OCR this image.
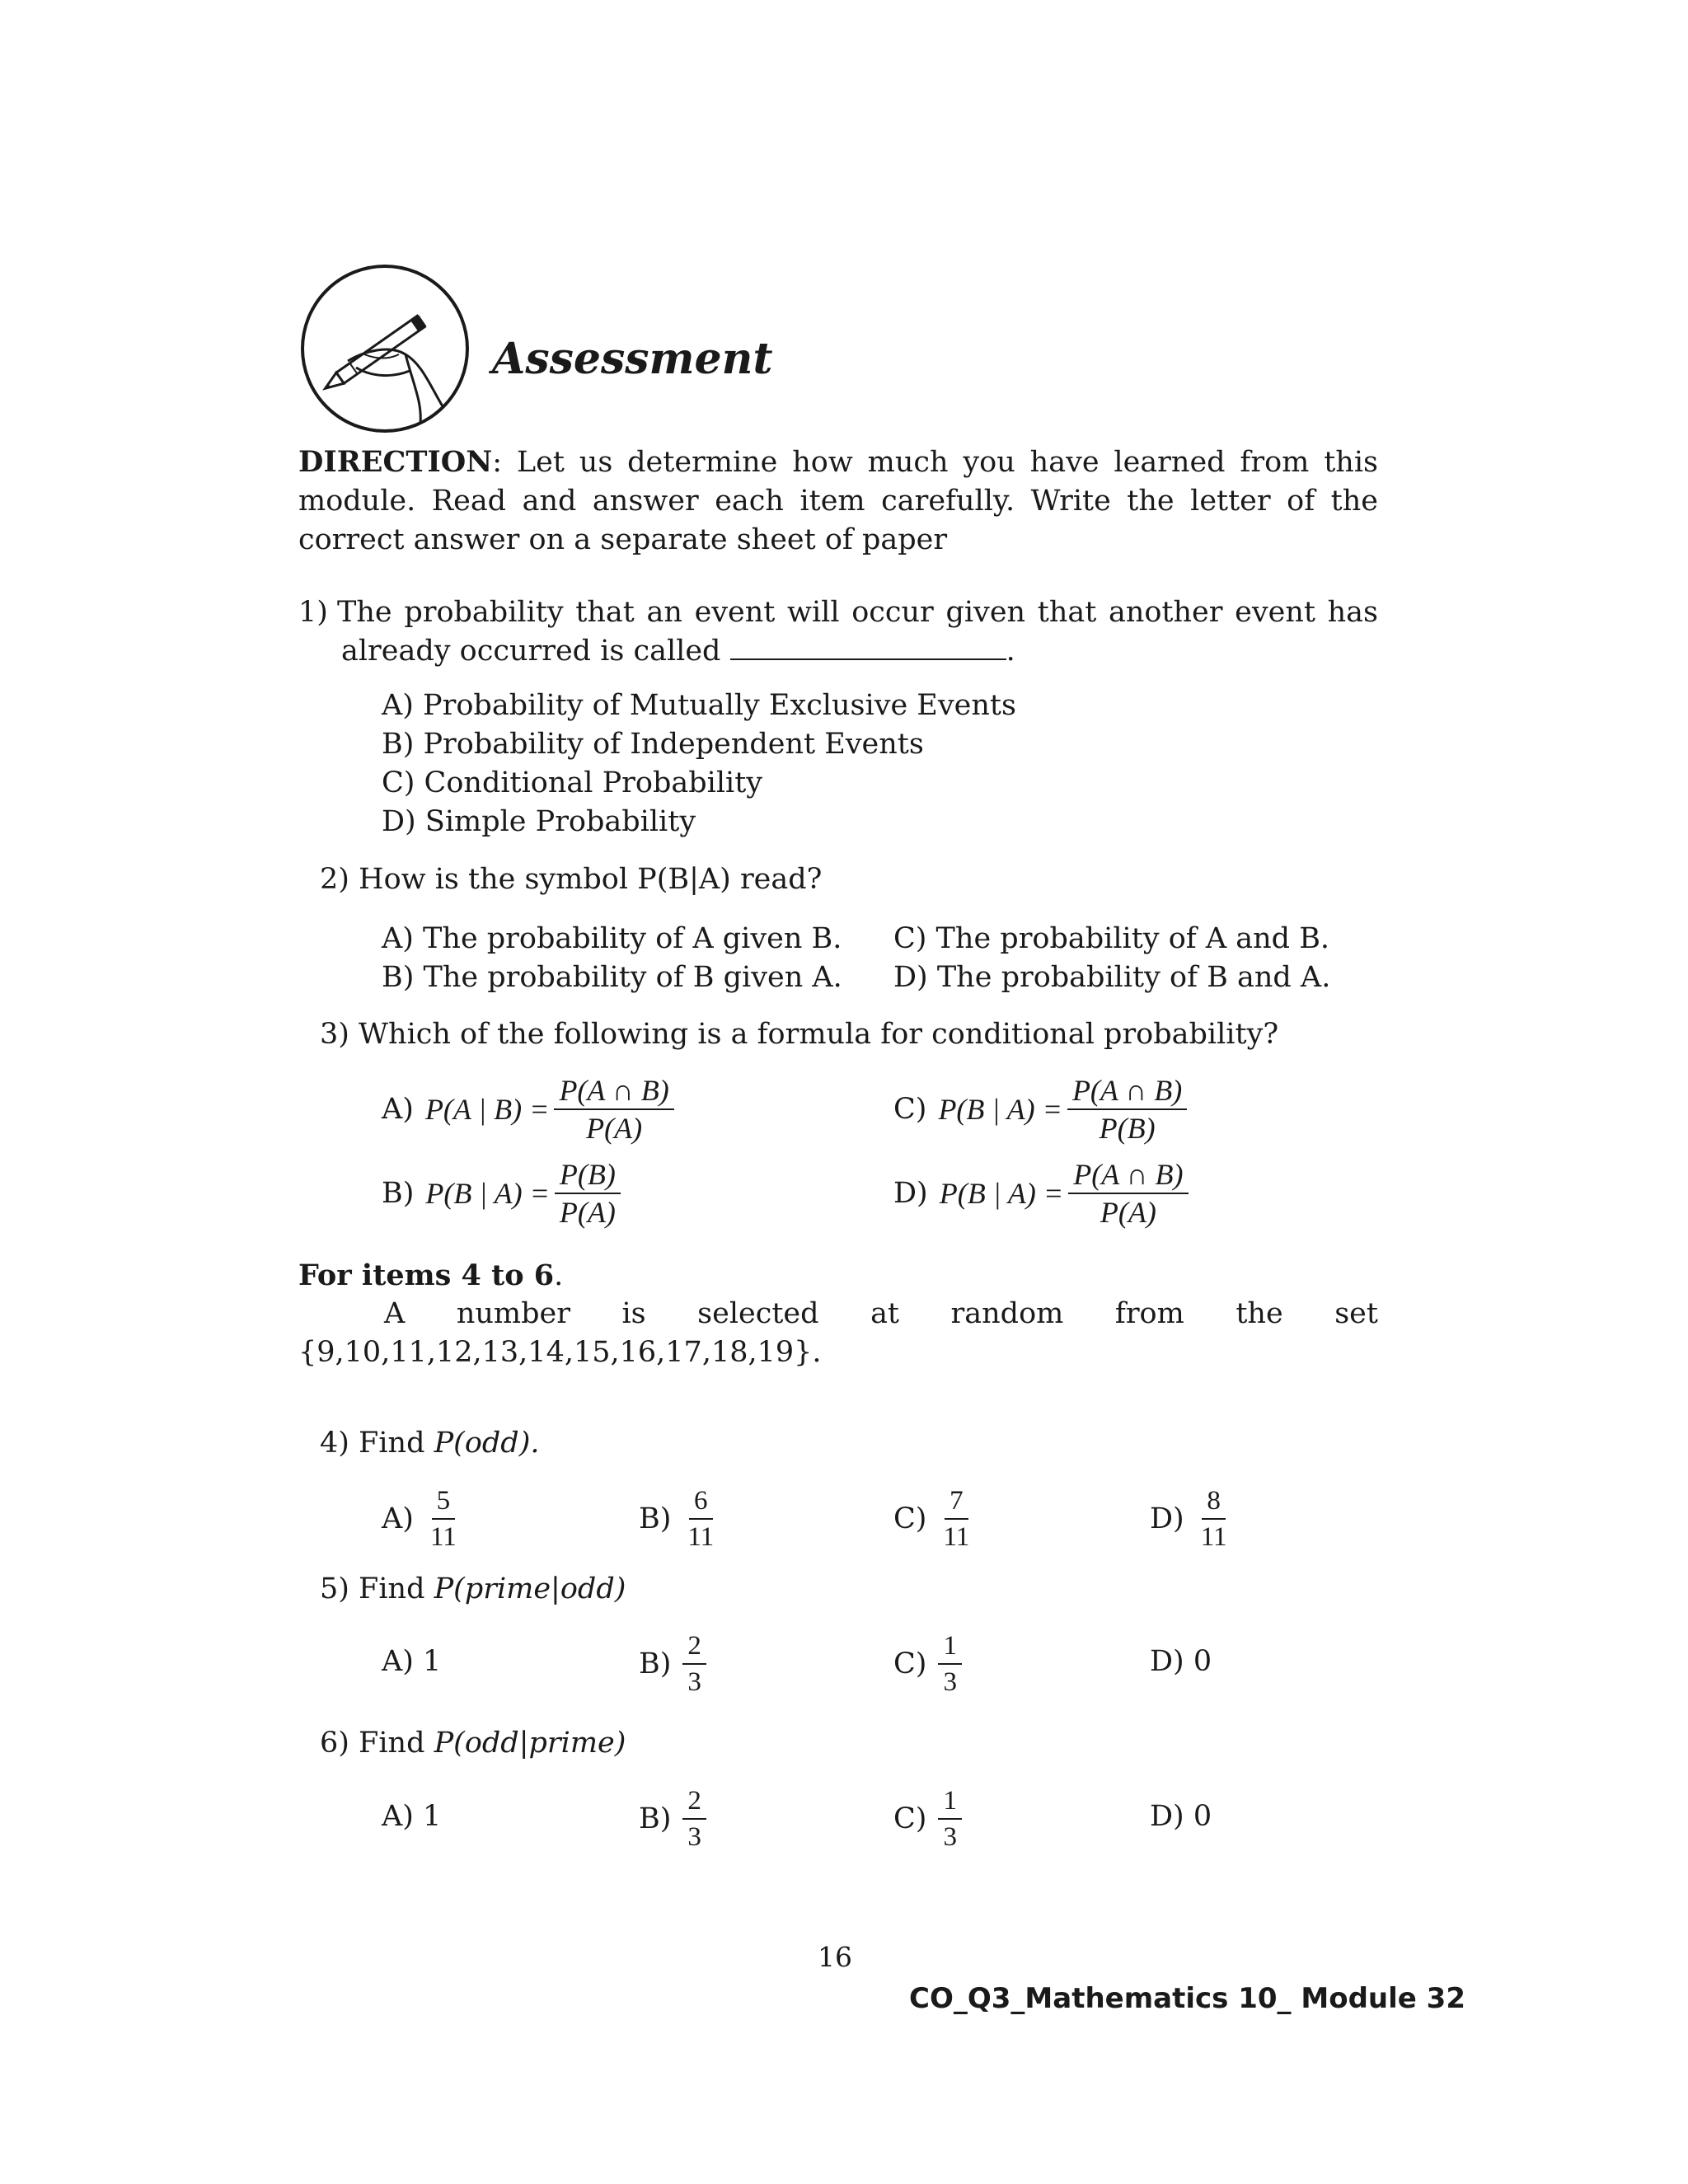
Assessment
DIRECTION: Let us determine how much you have learned from this module. Read and answer each item carefully. Write the letter of the correct answer on a separate sheet of paper
1) The probability that an event will occur given that another event has
already occurred is called	.
A) Probability of Mutually Exclusive Events
B) Probability of Independent Events
C) Conditional Probability
D) Simple Probability
2) How is the symbol P(B|A) read?
A) The probability of A given B.
B) The probability of B given A.
C) The probability of A and B.
D) The probability of B and A.
3) Which of the following is a formula for conditional probability?
A) P(A | $B) = \frac{P(A \cap B)}{P(A)}$
B) P(B | $A) = \frac{P(B)}{P(A)}$
C) P(B | $A) = \frac{P(A \cap B)}{P(B)}$
D) P(B | $A) = \frac{P(A \cap B)}{P(A)}$
For items 4 to 6.
A number is selected at random from the set
{9,10,11,12,13,14,15,16,17,18,19}.
4) Find P(odd).
$A) \frac{5}{11}$	$B) \frac{6}{11}$	$C) \frac{7}{11}$	$D) \frac{8}{11}$
5) Find P(prime|odd)
A) 1	$B) \frac{2}{3}$	$C) \frac{1}{3}$	D) 0
6) Find P(odd|prime)
A) 1	$B) \frac{2}{3}$	$C) \frac{1}{3}$	D) 0
16
CO_Q3_Mathematics 10_ Module 32
